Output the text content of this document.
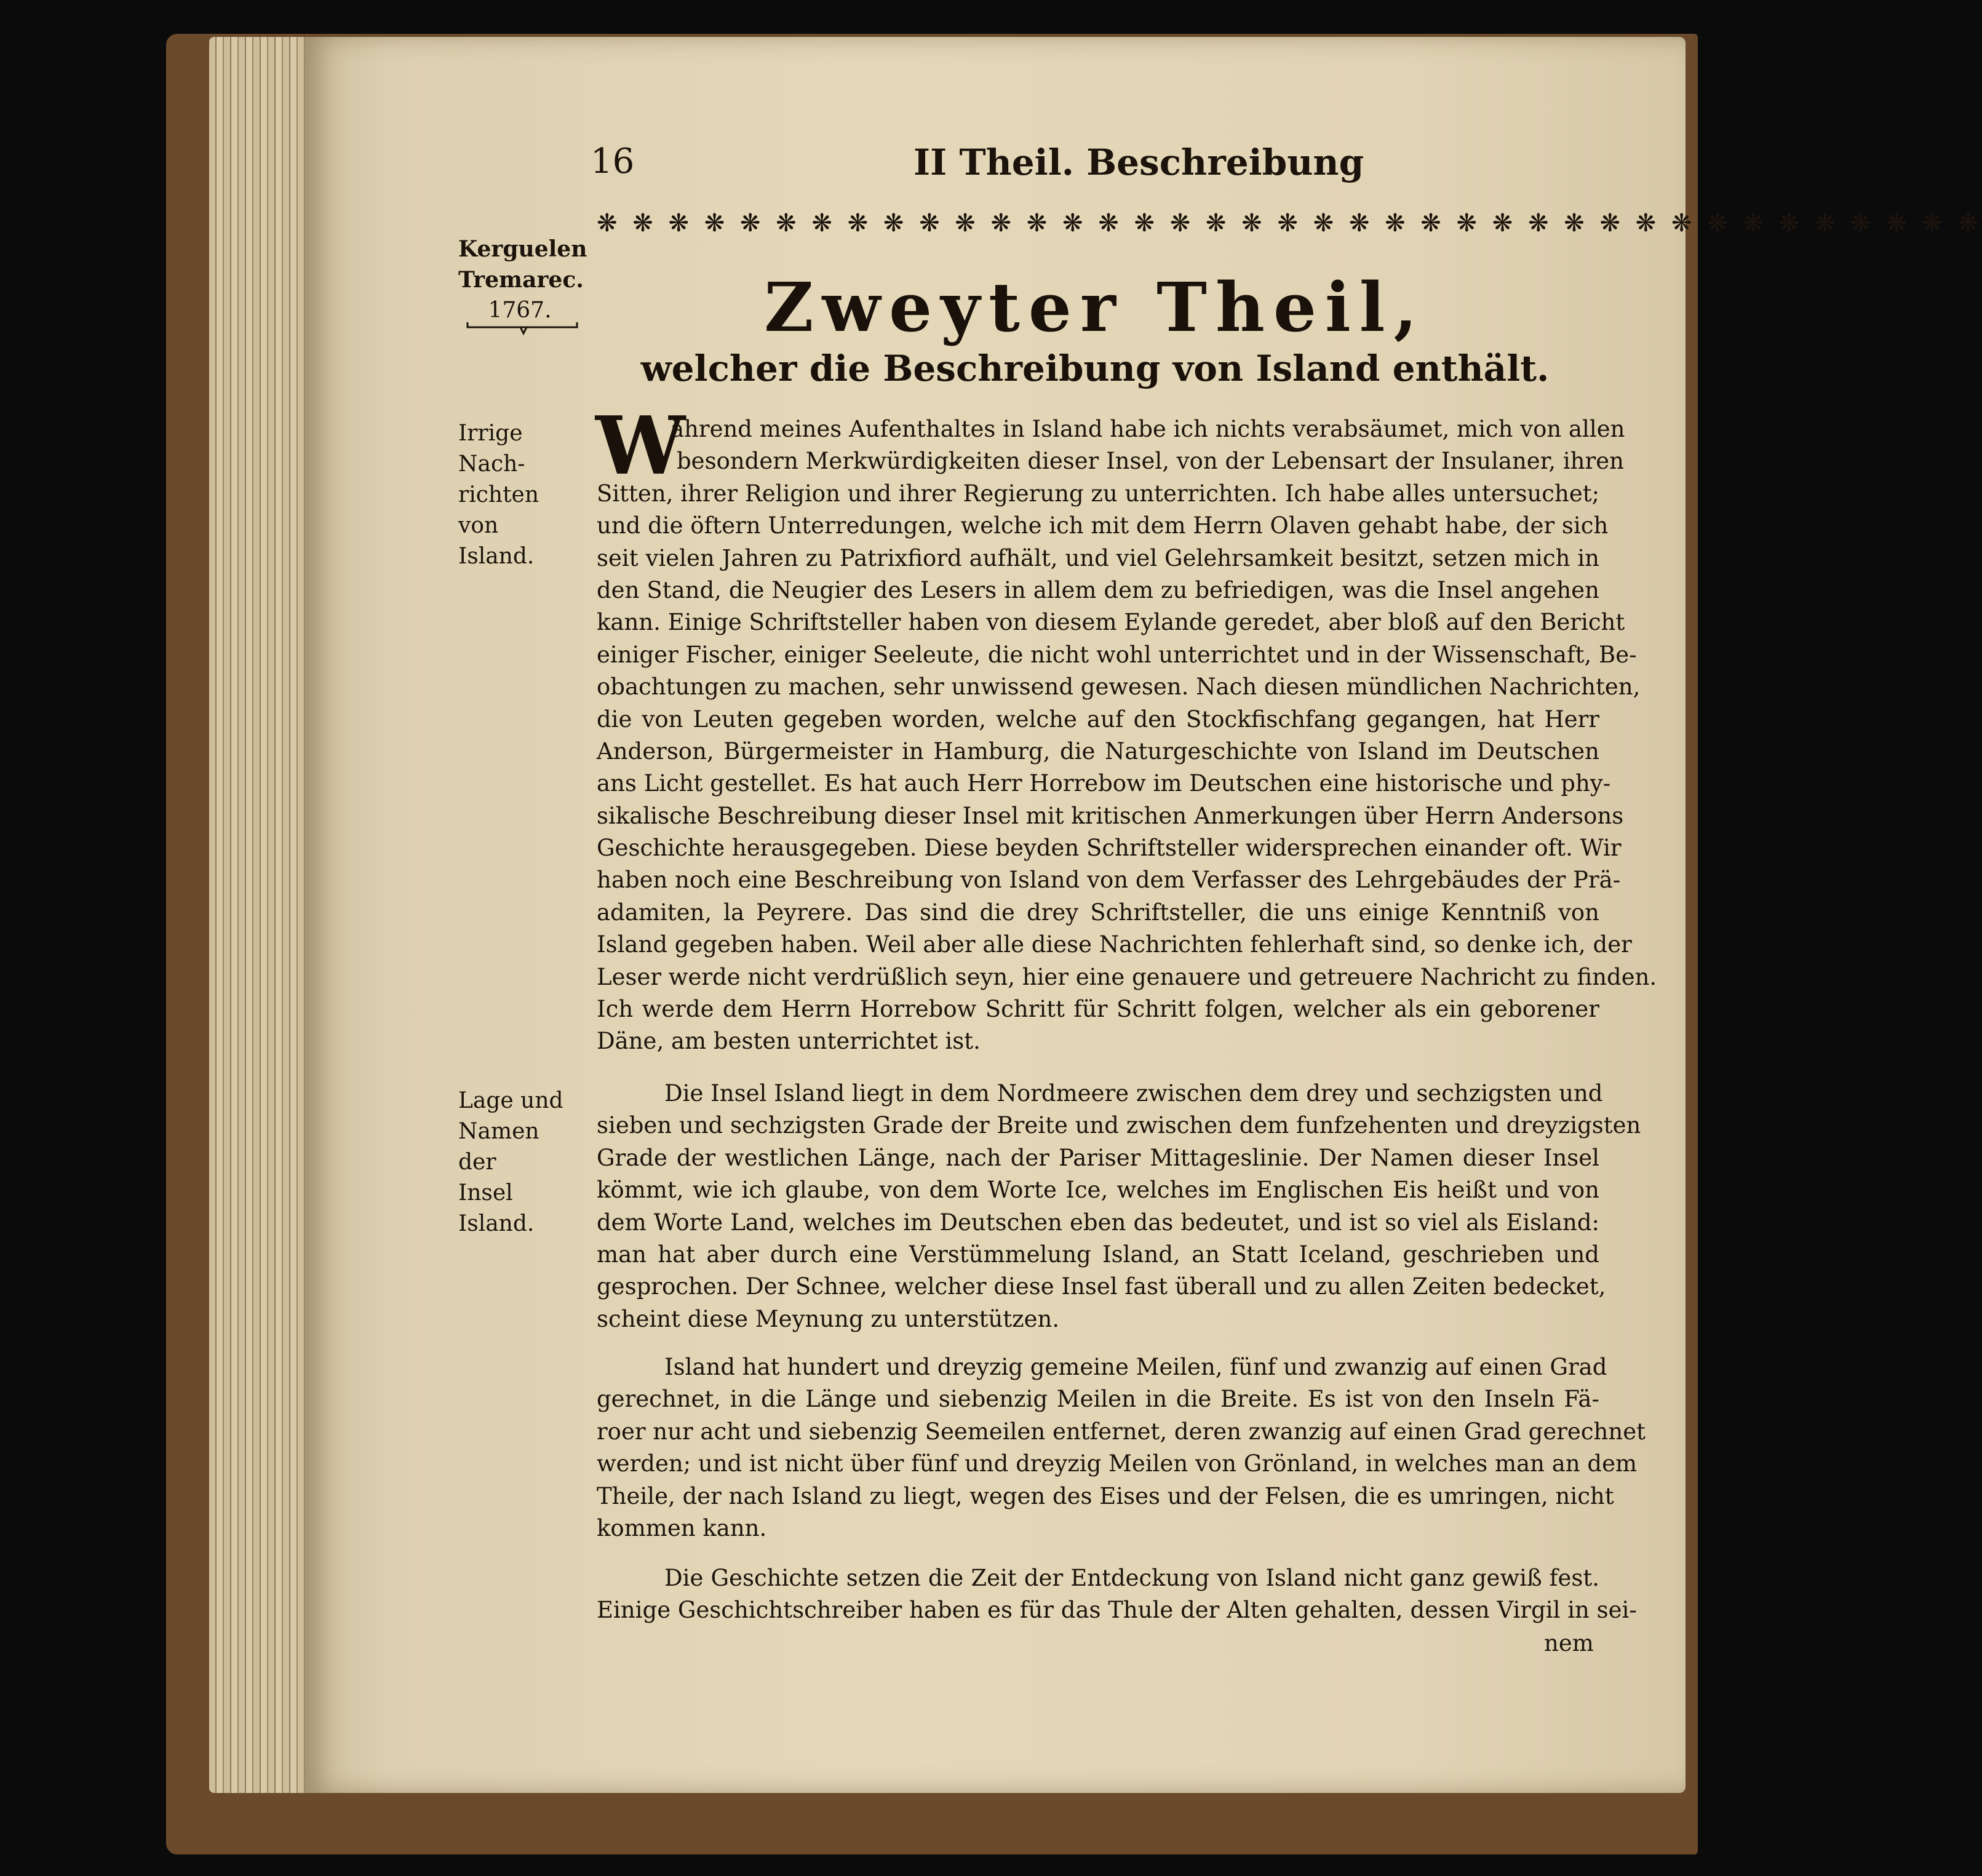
16	II Theil. Beschreibung
❋ ❋ ❋ ❋ ❋ ❋ ❋ ❋ ❋ ❋ ❋ ❋ ❋ ❋ ❋ ❋ ❋ ❋ ❋ ❋ ❋ ❋ ❋ ❋ ❋ ❋ ❋ ❋ ❋ ❋ ❋ ❋ ❋ ❋ ❋ ❋ ❋ ❋ ❋
Kerguelen
Tremarec.
1767.	Zweyter Theil,
welcher die Beschreibung von Island enthält.
Irrige Nach-
richten von
Island.
W
ährend meines Aufenthaltes in Island habe ich nichts verabsäumet, mich von allen
besondern Merkwürdigkeiten dieser Insel, von der Lebensart der Insulaner, ihren
Sitten, ihrer Religion und ihrer Regierung zu unterrichten. Ich habe alles untersuchet;
und die öftern Unterredungen, welche ich mit dem Herrn Olaven gehabt habe, der sich
seit vielen Jahren zu Patrixfiord aufhält, und viel Gelehrsamkeit besitzt, setzen mich in
den Stand, die Neugier des Lesers in allem dem zu befriedigen, was die Insel angehen
kann. Einige Schriftsteller haben von diesem Eylande geredet, aber bloß auf den Bericht
einiger Fischer, einiger Seeleute, die nicht wohl unterrichtet und in der Wissenschaft, Be-
obachtungen zu machen, sehr unwissend gewesen. Nach diesen mündlichen Nachrichten,
die von Leuten gegeben worden, welche auf den Stockfischfang gegangen, hat Herr
Anderson, Bürgermeister in Hamburg, die Naturgeschichte von Island im Deutschen
ans Licht gestellet. Es hat auch Herr Horrebow im Deutschen eine historische und phy-
sikalische Beschreibung dieser Insel mit kritischen Anmerkungen über Herrn Andersons
Geschichte herausgegeben. Diese beyden Schriftsteller widersprechen einander oft. Wir
haben noch eine Beschreibung von Island von dem Verfasser des Lehrgebäudes der Prä-
adamiten, la Peyrere. Das sind die drey Schriftsteller, die uns einige Kenntniß von
Island gegeben haben. Weil aber alle diese Nachrichten fehlerhaft sind, so denke ich, der
Leser werde nicht verdrüßlich seyn, hier eine genauere und getreuere Nachricht zu finden.
Ich werde dem Herrn Horrebow Schritt für Schritt folgen, welcher als ein geborener
Däne, am besten unterrichtet ist.
Lage und
Namen der
Insel Island.
Die Insel Island liegt in dem Nordmeere zwischen dem drey und sechzigsten und
sieben und sechzigsten Grade der Breite und zwischen dem funfzehenten und dreyzigsten
Grade der westlichen Länge, nach der Pariser Mittageslinie. Der Namen dieser Insel
kömmt, wie ich glaube, von dem Worte Ice, welches im Englischen Eis heißt und von
dem Worte Land, welches im Deutschen eben das bedeutet, und ist so viel als Eisland:
man hat aber durch eine Verstümmelung Island, an Statt Iceland, geschrieben und
gesprochen. Der Schnee, welcher diese Insel fast überall und zu allen Zeiten bedecket,
scheint diese Meynung zu unterstützen.
Island hat hundert und dreyzig gemeine Meilen, fünf und zwanzig auf einen Grad
gerechnet, in die Länge und siebenzig Meilen in die Breite. Es ist von den Inseln Fä-
roer nur acht und siebenzig Seemeilen entfernet, deren zwanzig auf einen Grad gerechnet
werden; und ist nicht über fünf und dreyzig Meilen von Grönland, in welches man an dem
Theile, der nach Island zu liegt, wegen des Eises und der Felsen, die es umringen, nicht
kommen kann.
Die Geschichte setzen die Zeit der Entdeckung von Island nicht ganz gewiß fest.
Einige Geschichtschreiber haben es für das Thule der Alten gehalten, dessen Virgil in sei-
nem
